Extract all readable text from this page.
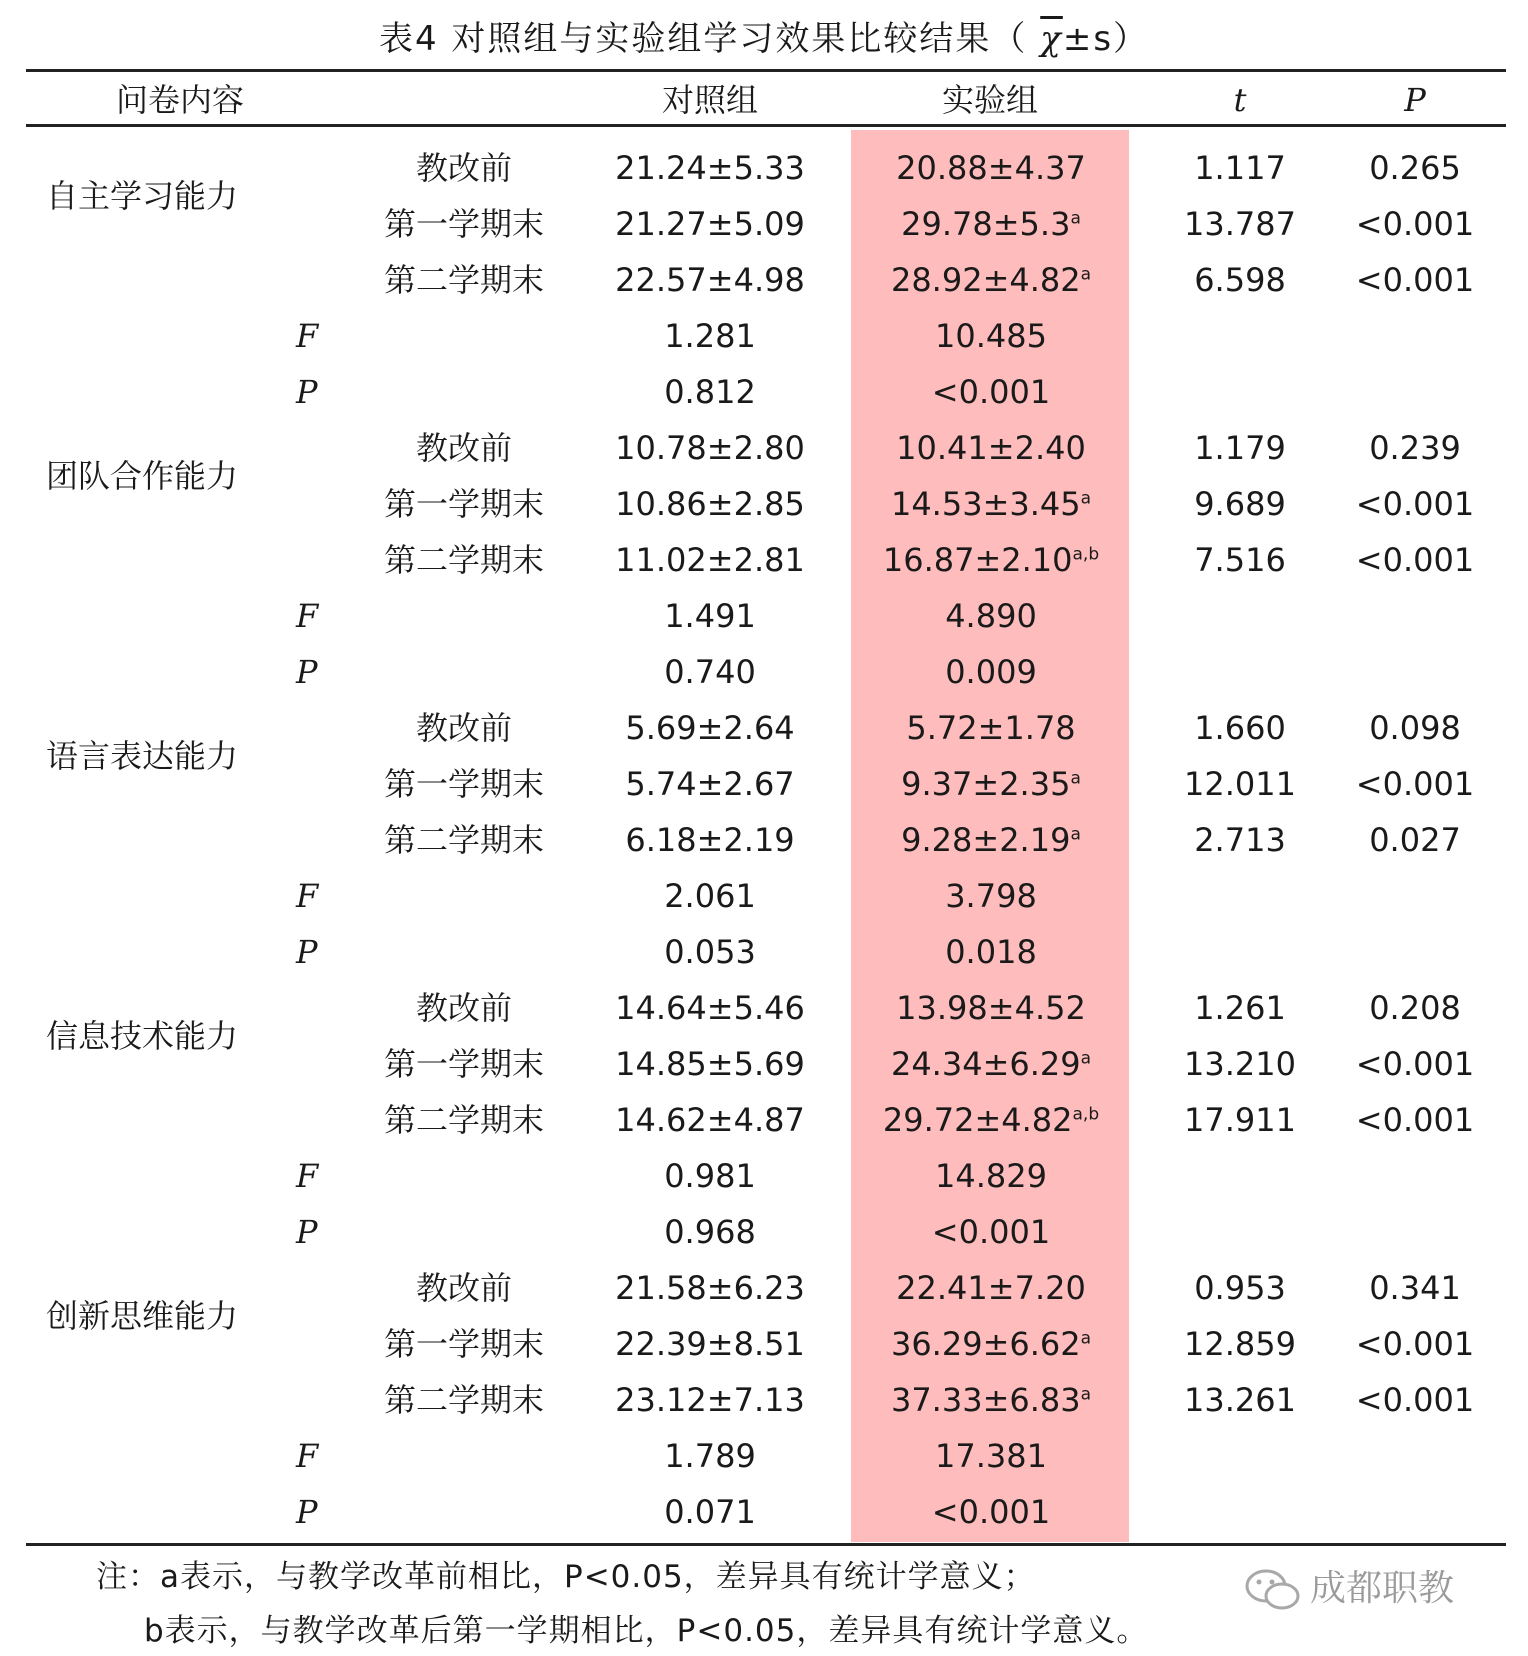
表4 对照组与实验组学习效果比较结果（ $\overline{\chi}\pm s$）
问卷内容	对照组	实验组	t	P
自主学习能力
教改前	21.24±5.33	20.88±4.37	1.117	0.265
第一学期末	21.27±5.09	29.78±5.3$^a$	13.787	<0.001
第二学期末	22.57±4.98	28.92±4.82$^a$	6.598	<0.001
F	1.281	10.485
P	0.812	<0.001
团队合作能力
教改前	10.78±2.80	10.41±2.40	1.179	0.239
第一学期末	10.86±2.85	14.53±3.45$^a$	9.689	<0.001
第二学期末	11.02±2.81	$16.87\pm 2.10^{a,b}$	7.516	<0.001
F	1.491	4.890
P	0.740	0.009
语言表达能力
教改前	5.69±2.64	5.72±1.78	1.660	0.098
第一学期末	5.74±2.67	9.37±2.35$^a$	12.011	<0.001
第二学期末	6.18±2.19	9.28±2.19$^a$	2.713	0.027
F	2.061	3.798
P	0.053	0.018
信息技术能力
教改前	14.64±5.46	13.98±4.52	1.261	0.208
第一学期末	14.85±5.69	24.34±6.29$^a$	13.210	<0.001
第二学期末	14.62±4.87	$29.72\pm 4.82^{a,b}$	17.911	<0.001
F	0.981	14.829
P	0.968	<0.001
创新思维能力
教改前	21.58±6.23	22.41±7.20	0.953	0.341
第一学期末	22.39±8.51	36.29±6.62$^a$	12.859	<0.001
第二学期末	23.12±7.13	37.33±6.83$^a$	13.261	<0.001
F	1.789	17.381
P	0.071	<0.001
注：a表示，与教学改革前相比，P<0.05，差异具有统计学意义；
b表示，与教学改革后第一学期相比，P<0.05，差异具有统计学意义。
成都职教
